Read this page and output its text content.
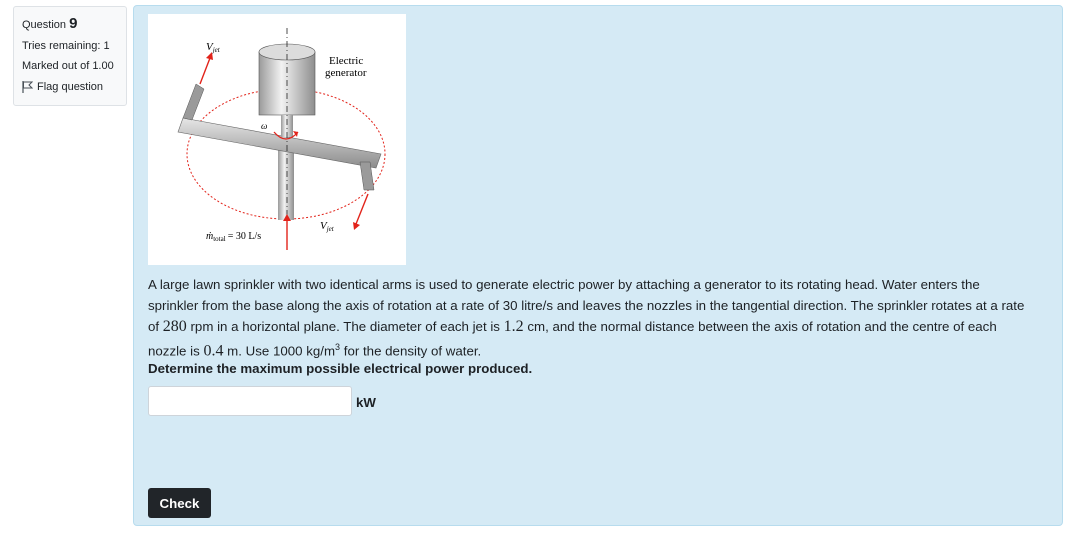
Question 9
Tries remaining: 1
Marked out of 1.00
Flag question
Vjet
Electric
generator
ω
ṁ$_{total}$ = 30 L/s
Vjet
A large lawn sprinkler with two identical arms is used to generate electric power by attaching a generator to its rotating head. Water enters the sprinkler from the base along the axis of rotation at a rate of 30 litre/s and leaves the nozzles in the tangential direction. The sprinkler rotates at a rate of 280 rpm in a horizontal plane. The diameter of each jet is 1.2 cm, and the normal distance between the axis of rotation and the centre of each nozzle is 0.4 m. Use 1000 $kg/m^3$ for the density of water.
Determine the maximum possible electrical power produced.
kW
Check
